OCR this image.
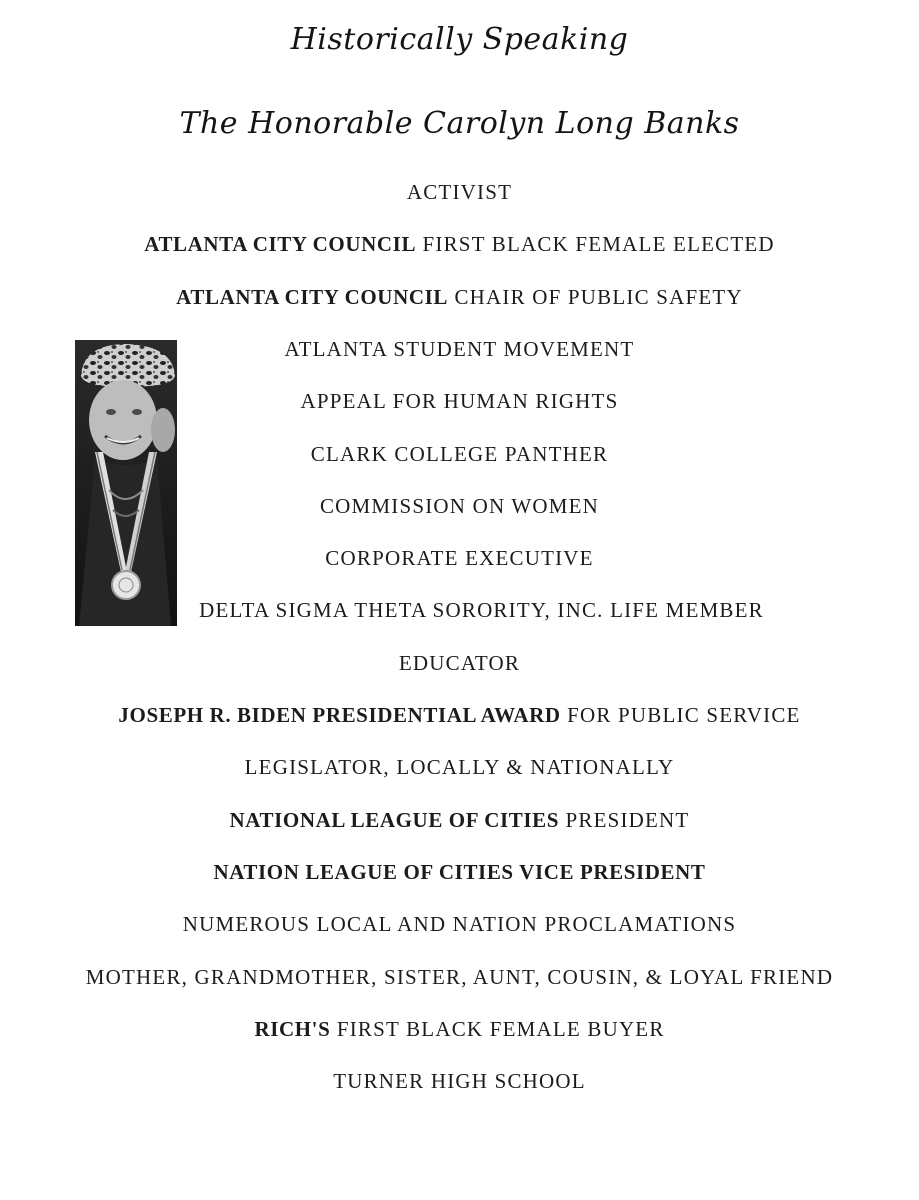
Historically Speaking
The Honorable Carolyn Long Banks
ACTIVIST
ATLANTA CITY COUNCIL FIRST BLACK FEMALE ELECTED
ATLANTA CITY COUNCIL CHAIR OF PUBLIC SAFETY
ATLANTA STUDENT MOVEMENT
APPEAL FOR HUMAN RIGHTS
CLARK COLLEGE PANTHER
COMMISSION ON WOMEN
CORPORATE EXECUTIVE
DELTA SIGMA THETA SORORITY, INC. LIFE MEMBER
EDUCATOR
JOSEPH R. BIDEN PRESIDENTIAL AWARD FOR PUBLIC SERVICE
LEGISLATOR, LOCALLY & NATIONALLY
NATIONAL LEAGUE OF CITIES PRESIDENT
NATION LEAGUE OF CITIES VICE PRESIDENT
NUMEROUS LOCAL AND NATION PROCLAMATIONS
MOTHER, GRANDMOTHER, SISTER, AUNT, COUSIN, & LOYAL FRIEND
RICH'S FIRST BLACK FEMALE BUYER
TURNER HIGH SCHOOL
